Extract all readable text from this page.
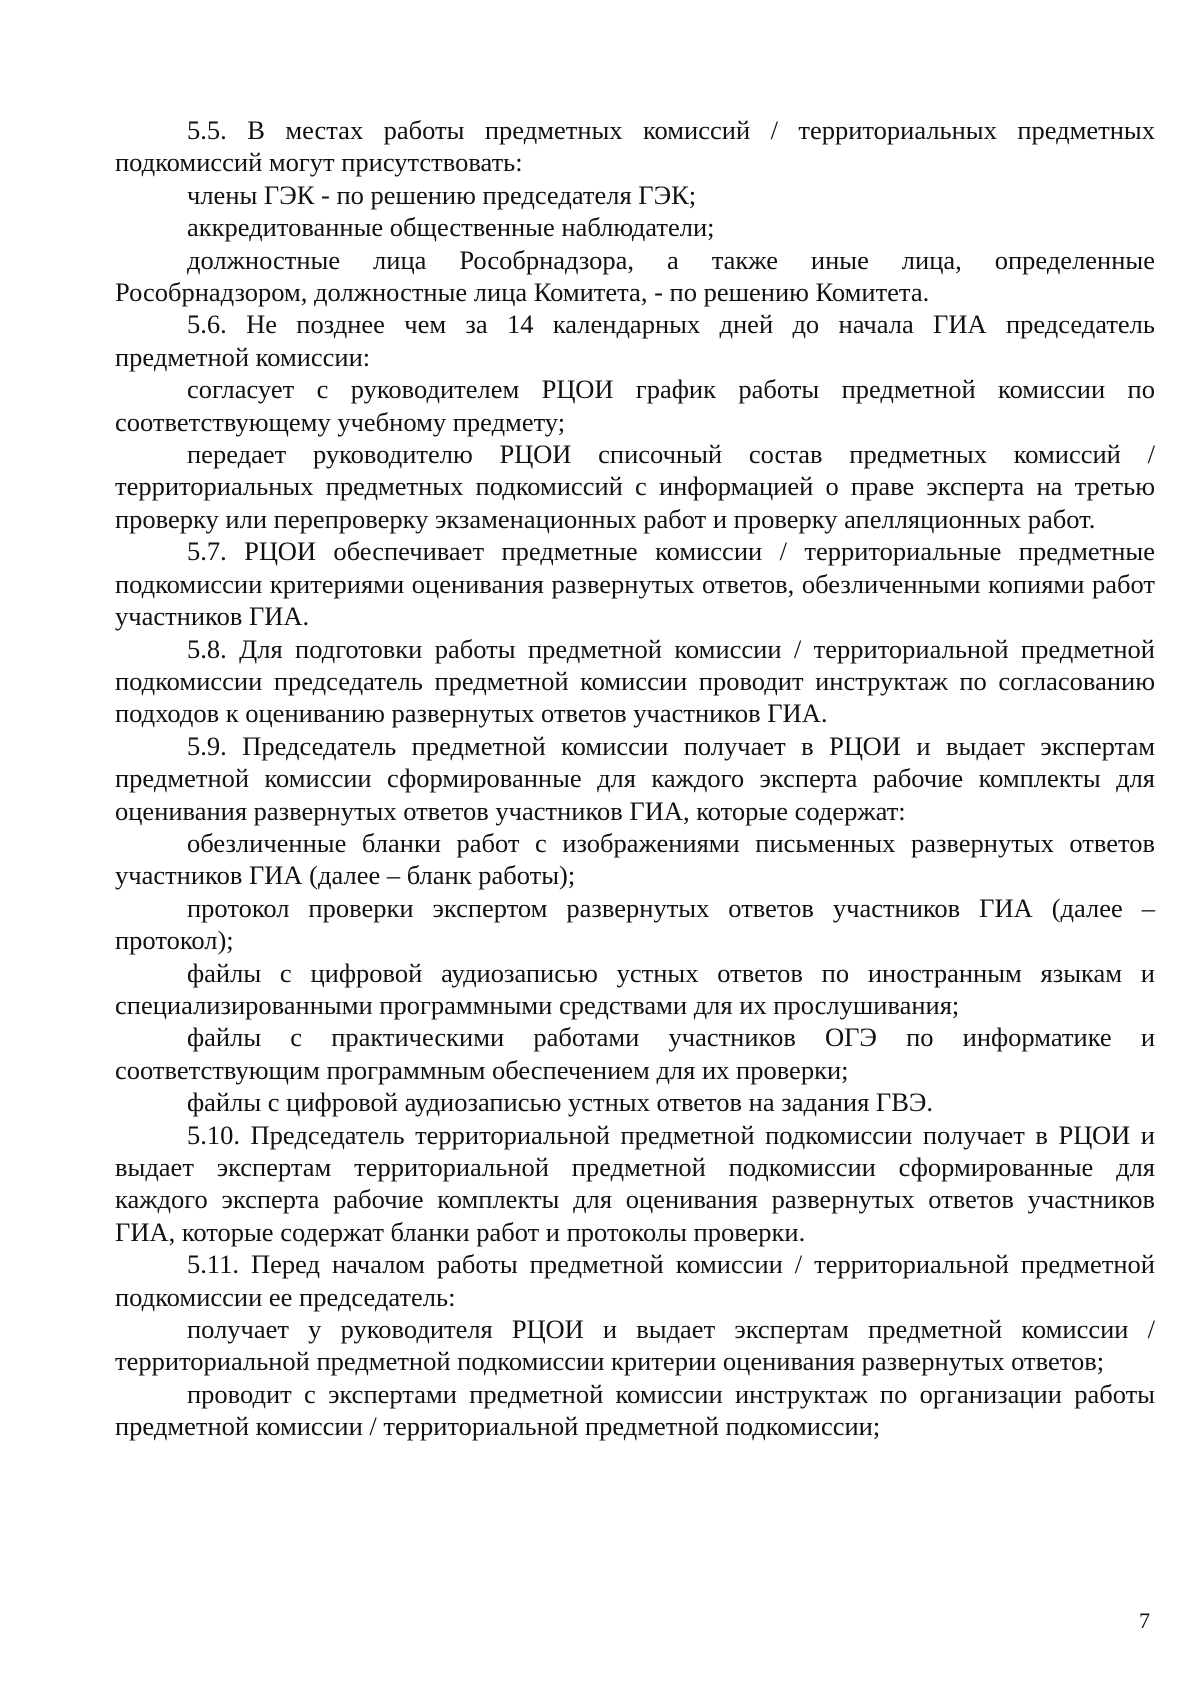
5.5. В местах работы предметных комиссий / территориальных предметных подкомиссий могут присутствовать:

члены ГЭК - по решению председателя ГЭК;

аккредитованные общественные наблюдатели;

должностные лица Рособрнадзора, а также иные лица, определенные Рособрнадзором, должностные лица Комитета, - по решению Комитета.

5.6. Не позднее чем за 14 календарных дней до начала ГИА председатель предметной комиссии:

согласует с руководителем РЦОИ график работы предметной комиссии по соответствующему учебному предмету;

передает руководителю РЦОИ списочный состав предметных комиссий / территориальных предметных подкомиссий с информацией о праве эксперта на третью проверку или перепроверку экзаменационных работ и проверку апелляционных работ.

5.7. РЦОИ обеспечивает предметные комиссии / территориальные предметные подкомиссии критериями оценивания развернутых ответов, обезличенными копиями работ участников ГИА.

5.8. Для подготовки работы предметной комиссии / территориальной предметной подкомиссии председатель предметной комиссии проводит инструктаж по согласованию подходов к оцениванию развернутых ответов участников ГИА.

5.9. Председатель предметной комиссии получает в РЦОИ и выдает экспертам предметной комиссии сформированные для каждого эксперта рабочие комплекты для оценивания развернутых ответов участников ГИА, которые содержат:

обезличенные бланки работ с изображениями письменных развернутых ответов участников ГИА (далее – бланк работы);

протокол проверки экспертом развернутых ответов участников ГИА (далее – протокол);

файлы с цифровой аудиозаписью устных ответов по иностранным языкам и специализированными программными средствами для их прослушивания;

файлы с практическими работами участников ОГЭ по информатике и соответствующим программным обеспечением для их проверки;

файлы с цифровой аудиозаписью устных ответов на задания ГВЭ.

5.10. Председатель территориальной предметной подкомиссии получает в РЦОИ и выдает экспертам территориальной предметной подкомиссии сформированные для каждого эксперта рабочие комплекты для оценивания развернутых ответов участников ГИА, которые содержат бланки работ и протоколы проверки.

5.11. Перед началом работы предметной комиссии / территориальной предметной подкомиссии ее председатель:

получает у руководителя РЦОИ и выдает экспертам предметной комиссии / территориальной предметной подкомиссии критерии оценивания развернутых ответов;

проводит с экспертами предметной комиссии инструктаж по организации работы предметной комиссии / территориальной предметной подкомиссии;

7
